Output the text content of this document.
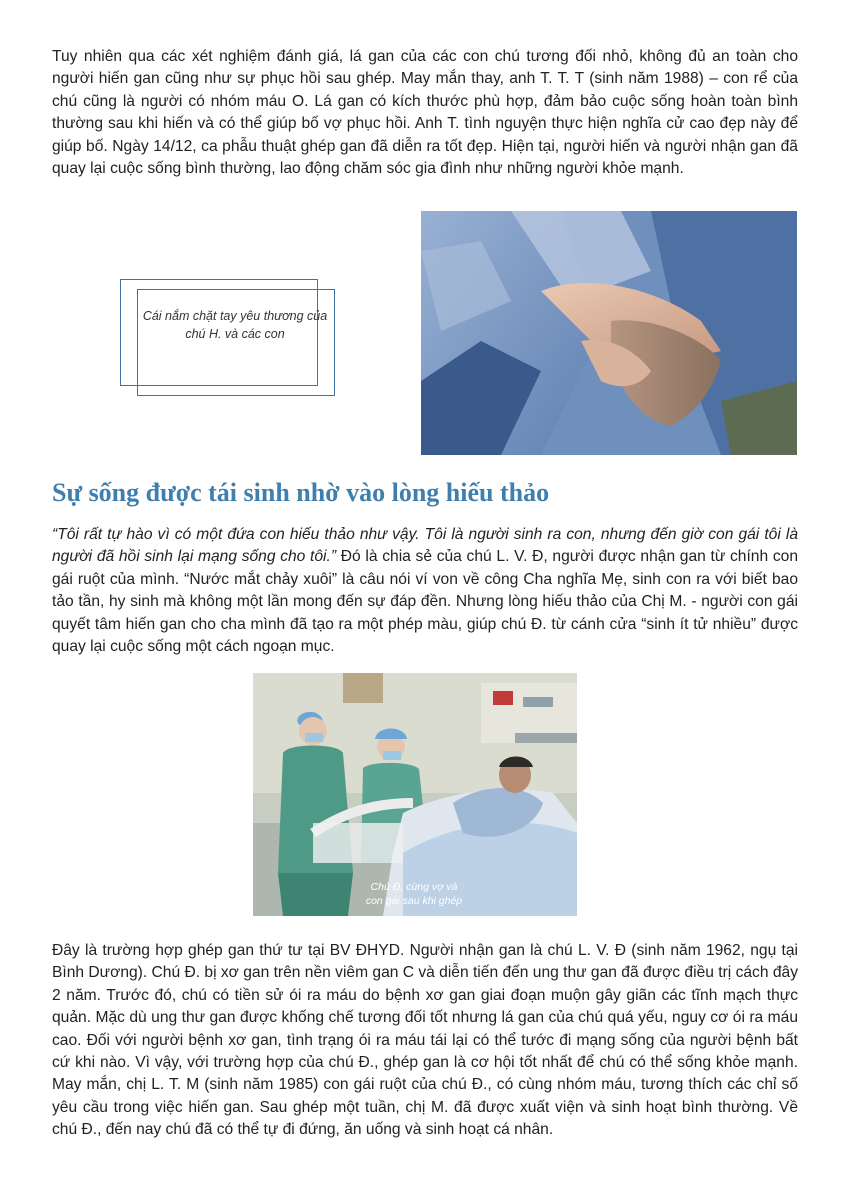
Tuy nhiên qua các xét nghiệm đánh giá, lá gan của các con chú tương đối nhỏ, không đủ an toàn cho người hiến gan cũng như sự phục hồi sau ghép. May mắn thay, anh T. T. T (sinh năm 1988) – con rể của chú cũng là người có nhóm máu O. Lá gan có kích thước phù hợp, đảm bảo cuộc sống hoàn toàn bình thường sau khi hiến và có thể giúp bố vợ phục hồi. Anh T. tình nguyện thực hiện nghĩa cử cao đẹp này để giúp bố. Ngày 14/12, ca phẫu thuật ghép gan đã diễn ra tốt đẹp. Hiện tại, người hiến và người nhận gan đã quay lại cuộc sống bình thường, lao động chăm sóc gia đình như những người khỏe mạnh.

Cái nắm chặt tay yêu thương của chú H. và các con
Sự sống được tái sinh nhờ vào lòng hiếu thảo

“Tôi rất tự hào vì có một đứa con hiếu thảo như vậy. Tôi là người sinh ra con, nhưng đến giờ con gái tôi là người đã hồi sinh lại mạng sống cho tôi.” Đó là chia sẻ của chú L. V. Đ, người được nhận gan từ chính con gái ruột của mình. “Nước mắt chảy xuôi” là câu nói ví von về công Cha nghĩa Mẹ, sinh con ra với biết bao tảo tần, hy sinh mà không một lần mong đến sự đáp đền. Nhưng lòng hiếu thảo của Chị M. - người con gái quyết tâm hiến gan cho cha mình đã tạo ra một phép màu, giúp chú Đ. từ cánh cửa “sinh ít tử nhiều” được quay lại cuộc sống một cách ngoạn mục.

Chú Đ. cùng vợ và
con gái sau khi ghép

Đây là trường hợp ghép gan thứ tư tại BV ĐHYD. Người nhận gan là chú L. V. Đ (sinh năm 1962, ngụ tại Bình Dương). Chú Đ. bị xơ gan trên nền viêm gan C và diễn tiến đến ung thư gan đã được điều trị cách đây 2 năm. Trước đó, chú có tiền sử ói ra máu do bệnh xơ gan giai đoạn muộn gây giãn các tĩnh mạch thực quản. Mặc dù ung thư gan được khống chế tương đối tốt nhưng lá gan của chú quá yếu, nguy cơ ói ra máu cao. Đối với người bệnh xơ gan, tình trạng ói ra máu tái lại có thể tước đi mạng sống của người bệnh bất cứ khi nào. Vì vậy, với trường hợp của chú Đ., ghép gan là cơ hội tốt nhất để chú có thể sống khỏe mạnh. May mắn, chị L. T. M (sinh năm 1985) con gái ruột của chú Đ., có cùng nhóm máu, tương thích các chỉ số yêu cầu trong việc hiến gan. Sau ghép một tuần, chị M. đã được xuất viện và sinh hoạt bình thường. Về chú Đ., đến nay chú đã có thể tự đi đứng, ăn uống và sinh hoạt cá nhân.
